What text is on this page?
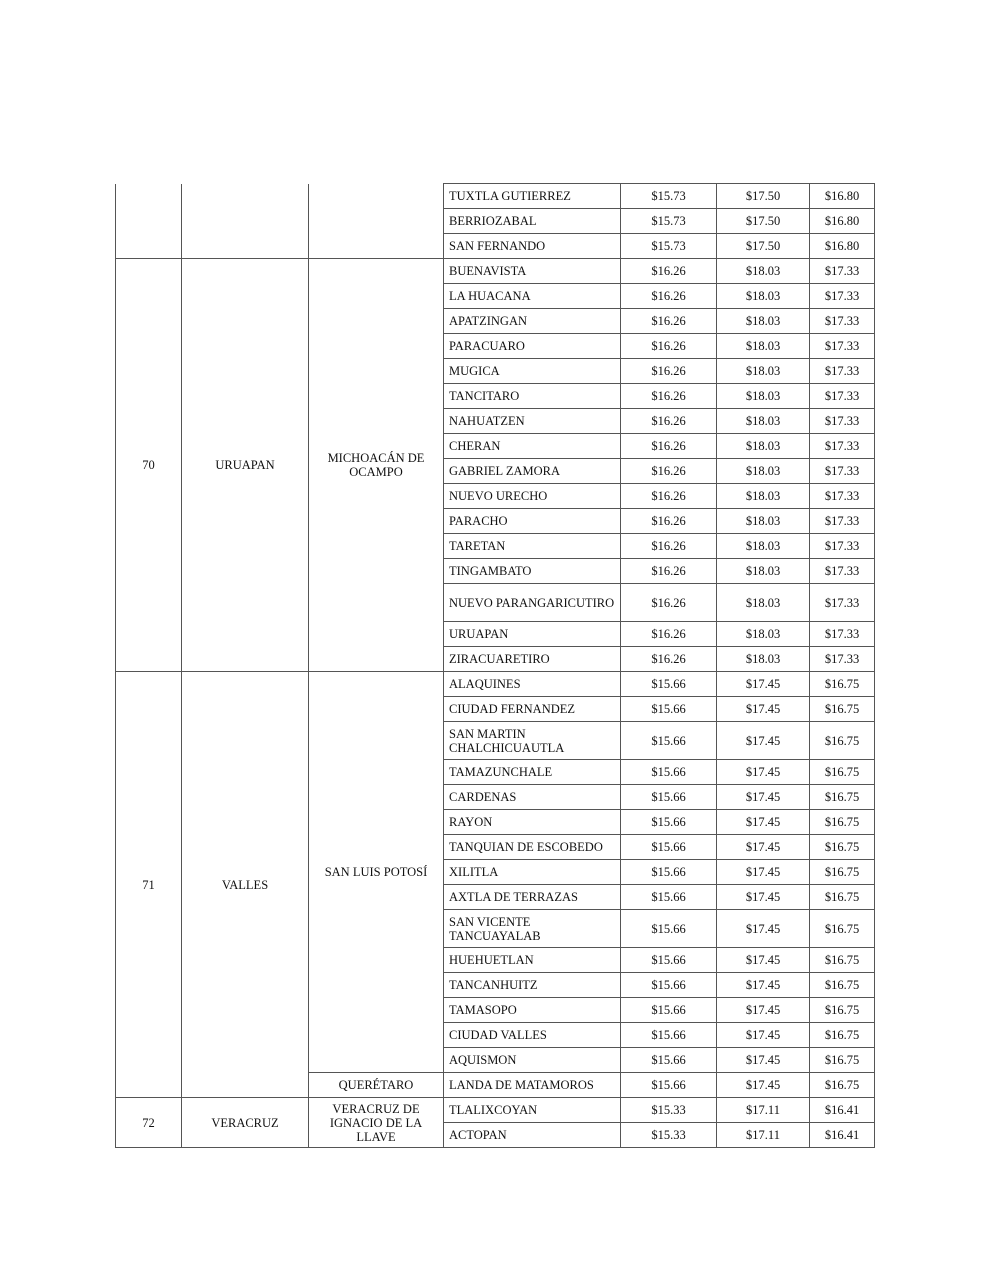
			TUXTLA GUTIERREZ	$15.73	$17.50	$16.80
			BERRIOZABAL	$15.73	$17.50	$16.80
			SAN FERNANDO	$15.73	$17.50	$16.80
70	URUAPAN	MICHOACÁN DE OCAMPO	BUENAVISTA	$16.26	$18.03	$17.33
			LA HUACANA	$16.26	$18.03	$17.33
			APATZINGAN	$16.26	$18.03	$17.33
			PARACUARO	$16.26	$18.03	$17.33
			MUGICA	$16.26	$18.03	$17.33
			TANCITARO	$16.26	$18.03	$17.33
			NAHUATZEN	$16.26	$18.03	$17.33
			CHERAN	$16.26	$18.03	$17.33
			GABRIEL ZAMORA	$16.26	$18.03	$17.33
			NUEVO URECHO	$16.26	$18.03	$17.33
			PARACHO	$16.26	$18.03	$17.33
			TARETAN	$16.26	$18.03	$17.33
			TINGAMBATO	$16.26	$18.03	$17.33
			NUEVO PARANGARICUTIRO	$16.26	$18.03	$17.33
			URUAPAN	$16.26	$18.03	$17.33
			ZIRACUARETIRO	$16.26	$18.03	$17.33
71	VALLES	SAN LUIS POTOSÍ	ALAQUINES	$15.66	$17.45	$16.75
			CIUDAD FERNANDEZ	$15.66	$17.45	$16.75
			SAN MARTIN CHALCHICUAUTLA	$15.66	$17.45	$16.75
			TAMAZUNCHALE	$15.66	$17.45	$16.75
			CARDENAS	$15.66	$17.45	$16.75
			RAYON	$15.66	$17.45	$16.75
			TANQUIAN DE ESCOBEDO	$15.66	$17.45	$16.75
			XILITLA	$15.66	$17.45	$16.75
			AXTLA DE TERRAZAS	$15.66	$17.45	$16.75
			SAN VICENTE TANCUAYALAB	$15.66	$17.45	$16.75
			HUEHUETLAN	$15.66	$17.45	$16.75
			TANCANHUITZ	$15.66	$17.45	$16.75
			TAMASOPO	$15.66	$17.45	$16.75
			CIUDAD VALLES	$15.66	$17.45	$16.75
			AQUISMON	$15.66	$17.45	$16.75
		QUERÉTARO	LANDA DE MATAMOROS	$15.66	$17.45	$16.75
72	VERACRUZ	VERACRUZ DE IGNACIO DE LA LLAVE	TLALIXCOYAN	$15.33	$17.11	$16.41
			ACTOPAN	$15.33	$17.11	$16.41
